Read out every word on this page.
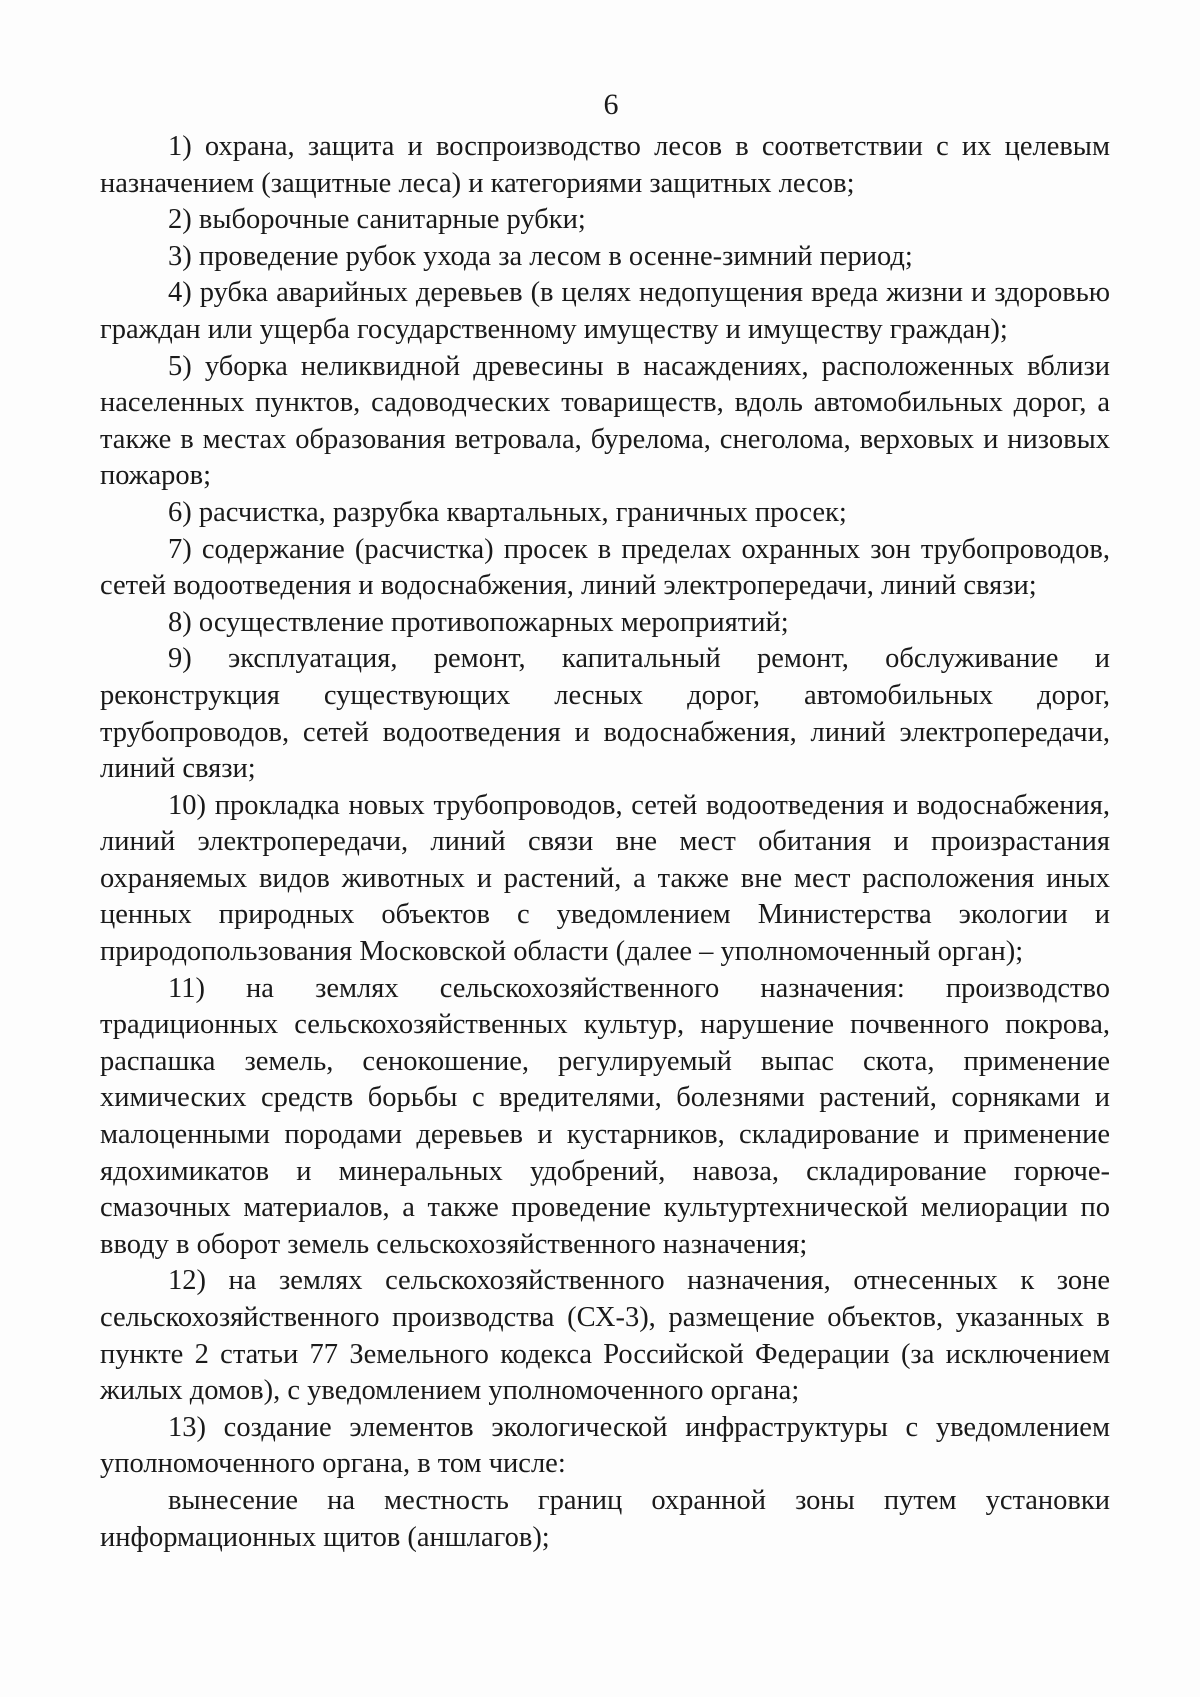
6

1) охрана, защита и воспроизводство лесов в соответствии с их целевым назначением (защитные леса) и категориями защитных лесов;

2) выборочные санитарные рубки;

3) проведение рубок ухода за лесом в осенне-зимний период;

4) рубка аварийных деревьев (в целях недопущения вреда жизни и здоровью граждан или ущерба государственному имуществу и имуществу граждан);

5) уборка неликвидной древесины в насаждениях, расположенных вблизи населенных пунктов, садоводческих товариществ, вдоль автомобильных дорог, а также в местах образования ветровала, бурелома, снеголома, верховых и низовых пожаров;

6) расчистка, разрубка квартальных, граничных просек;

7) содержание (расчистка) просек в пределах охранных зон трубопроводов, сетей водоотведения и водоснабжения, линий электропередачи, линий связи;

8) осуществление противопожарных мероприятий;

9) эксплуатация, ремонт, капитальный ремонт, обслуживание и реконструкция существующих лесных дорог, автомобильных дорог, трубопроводов, сетей водоотведения и водоснабжения, линий электропередачи, линий связи;

10) прокладка новых трубопроводов, сетей водоотведения и водоснабжения, линий электропередачи, линий связи вне мест обитания и произрастания охраняемых видов животных и растений, а также вне мест расположения иных ценных природных объектов с уведомлением Министерства экологии и природопользования Московской области (далее – уполномоченный орган);

11) на землях сельскохозяйственного назначения: производство традиционных сельскохозяйственных культур, нарушение почвенного покрова, распашка земель, сенокошение, регулируемый выпас скота, применение химических средств борьбы с вредителями, болезнями растений, сорняками и малоценными породами деревьев и кустарников, складирование и применение ядохимикатов и минеральных удобрений, навоза, складирование горюче-смазочных материалов, а также проведение культуртехнической мелиорации по вводу в оборот земель сельскохозяйственного назначения;

12) на землях сельскохозяйственного назначения, отнесенных к зоне сельскохозяйственного производства (СХ-3), размещение объектов, указанных в пункте 2 статьи 77 Земельного кодекса Российской Федерации (за исключением жилых домов), с уведомлением уполномоченного органа;

13) создание элементов экологической инфраструктуры с уведомлением уполномоченного органа, в том числе:

вынесение на местность границ охранной зоны путем установки информационных щитов (аншлагов);
